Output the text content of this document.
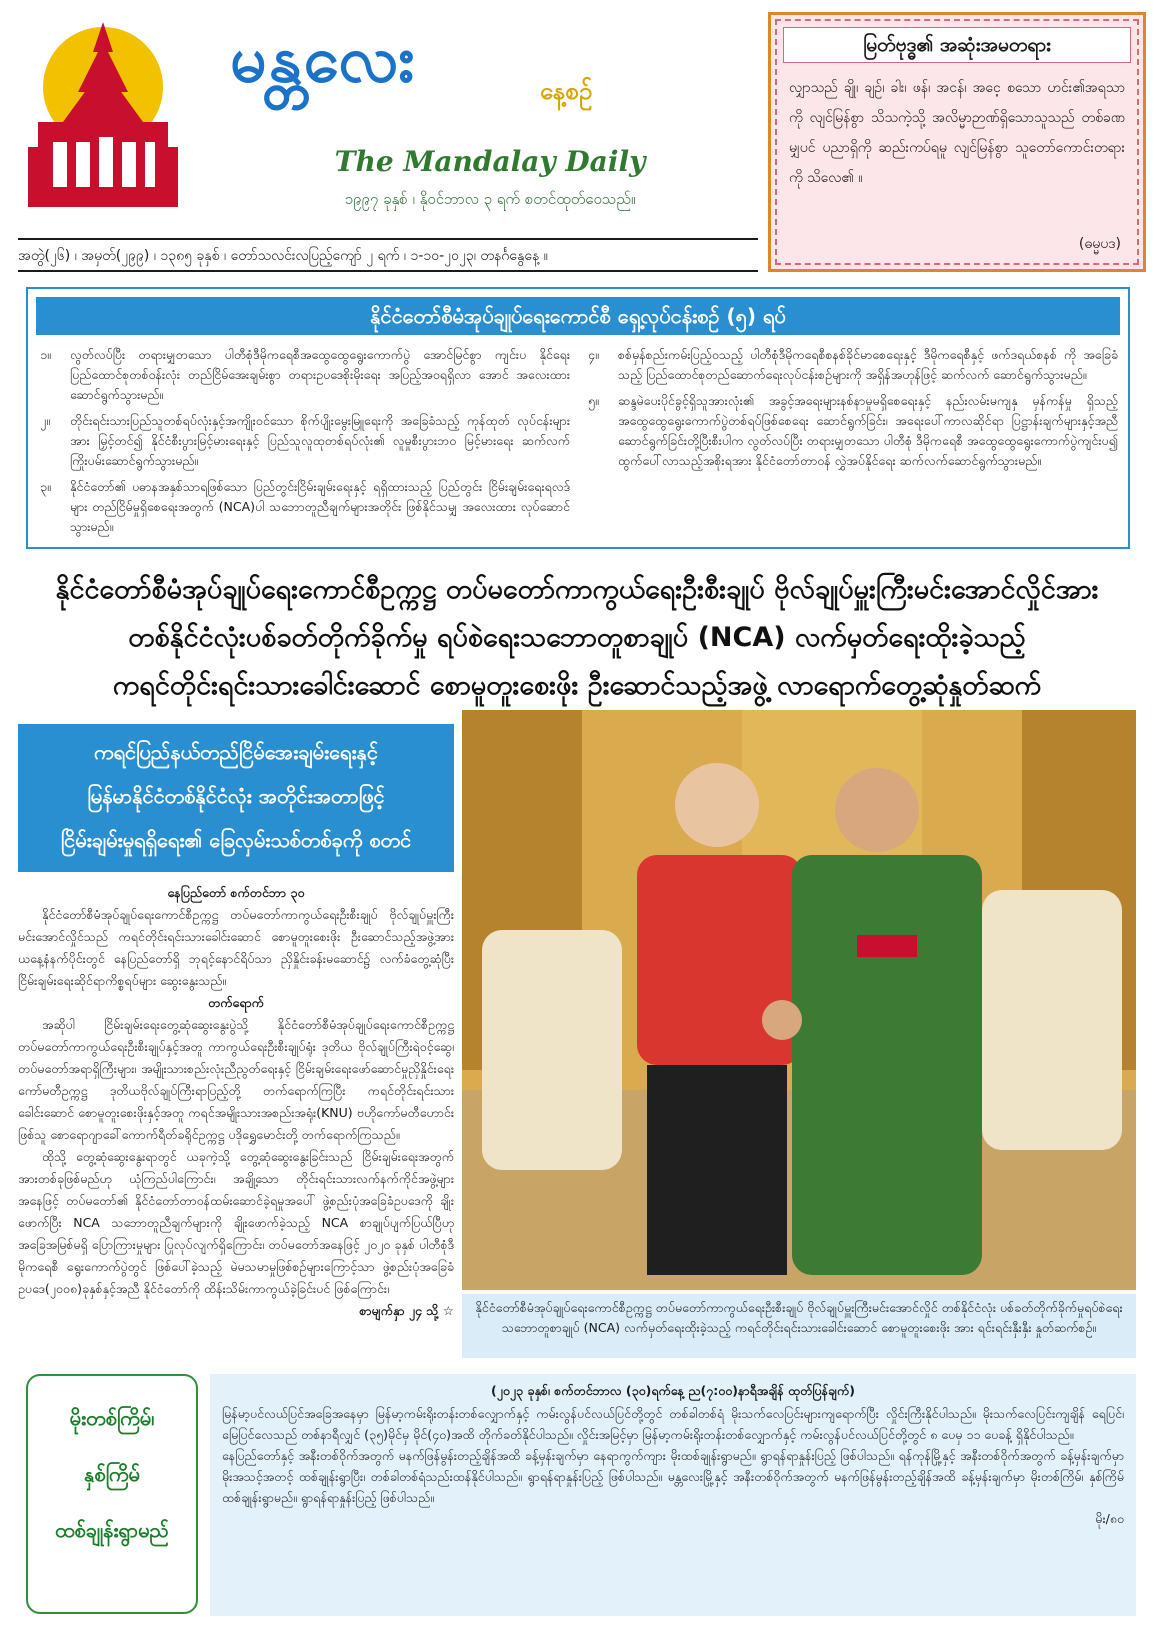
မန္တလေး	နေ့စဉ်
The Mandalay Daily
၁၉၉၇ ခုနှစ် ၊ နိုဝင်ဘာလ ၃ ရက် စတင်ထုတ်ဝေသည်။
အတွဲ(၂၆) ၊ အမှတ်(၂၉၉) ၊ ၁၃၈၅ ခုနှစ် ၊ တော်သလင်းလပြည့်ကျော် ၂ ရက် ၊ ၁-၁၀-၂၀၂၃၊ တနင်္ဂနွေနေ့ ။
မြတ်ဗုဒ္ဓ၏ အဆုံးအမတရား
လျှာသည် ချို၊ ချဉ်၊ ခါး၊ ဖန်၊ အငန်၊ အငေ့ စသော ဟင်း၏အရသာကို လျင်မြန်စွာ သိသကဲ့သို့ အလိမ္မာဉာဏ်ရှိသောသူသည် တစ်ခဏမျှပင် ပညာရှိကို ဆည်းကပ်ရမူ လျင်မြန်စွာ သူတော်ကောင်းတရားကို သိလေ၏ ။
(ဓမ္မပဒ)
နိုင်ငံတော်စီမံအုပ်ချုပ်ရေးကောင်စီ ရှေ့လုပ်ငန်းစဉ် (၅) ရပ်
၁။	လွတ်လပ်ပြီး တရားမျှတသော ပါတီစုံဒီမိုကရေစီအထွေထွေရွေးကောက်ပွဲ အောင်မြင်စွာ ကျင်းပ နိုင်ရေး ပြည်ထောင်စုတစ်ဝန်းလုံး တည်ငြိမ်အေးချမ်းစွာ တရားဥပဒေစိုးမိုးရေး အပြည့်အဝရရှိလာ အောင် အလေးထားဆောင်ရွက်သွားမည်။
၂။	တိုင်းရင်းသားပြည်သူတစ်ရပ်လုံးနှင့်အကျိုးဝင်သော စိုက်ပျိုးမွေးမြူရေးကို အခြေခံသည့် ကုန်ထုတ် လုပ်ငန်းများအား မြှင့်တင်၍ နိုင်ငံစီးပွားမြင့်မားရေးနှင့် ပြည်သူလူထုတစ်ရပ်လုံး၏ လူမှုစီးပွားဘဝ မြင့်မားရေး ဆက်လက်ကြိုးပမ်းဆောင်ရွက်သွားမည်။
၃။	နိုင်ငံတော်၏ ပဓာနအနှစ်သာရဖြစ်သော ပြည်တွင်းငြိမ်းချမ်းရေးနှင့် ရရှိထားသည့် ပြည်တွင်း ငြိမ်းချမ်းရေးရလဒ်များ တည်ငြိမ်မှုရှိစေရေးအတွက် (NCA)ပါ သဘောတူညီချက်များအတိုင်း ဖြစ်နိုင်သမျှ အလေးထား လုပ်ဆောင်သွားမည်။
၄။	စစ်မှန်စည်းကမ်းပြည့်ဝသည့် ပါတီစုံဒီမိုကရေစီစနစ်ခိုင်မာစေရေးနှင့် ဒီမိုကရေစီနှင့် ဖက်ဒရယ်စနစ် ကို အခြေခံသည့် ပြည်ထောင်စုတည်ဆောက်ရေးလုပ်ငန်းစဉ်များကို အရှိန်အဟုန်ဖြင့် ဆက်လက် ဆောင်ရွက်သွားမည်။
၅။	ဆန္ဒမဲပေးပိုင်ခွင့်ရှိသူအားလုံး၏ အခွင့်အရေးများနစ်နာမှုမရှိစေရေးနှင့် နည်းလမ်းမကျနှ မှန်ကန်မှု ရှိသည့် အထွေထွေရွေးကောက်ပွဲတစ်ရပ်ဖြစ်စေရေး ဆောင်ရွက်ခြင်း၊ အရေးပေါ်ကာလဆိုင်ရာ ပြဋ္ဌာန်းချက်များနှင့်အညီ ဆောင်ရွက်ခြင်းတို့ပြီးစီးပါက လွတ်လပ်ပြီး တရားမျှတသော ပါတီစုံ ဒီမိုကရေစီ အထွေထွေရွေးကောက်ပွဲကျင်းပ၍ ထွက်ပေါ်လာသည့်အစိုးရအား နိုင်ငံတော်တာဝန် လွှဲအပ်နိုင်ရေး ဆက်လက်ဆောင်ရွက်သွားမည်။
နိုင်ငံတော်စီမံအုပ်ချုပ်ရေးကောင်စီဥက္ကဋ္ဌ တပ်မတော်ကာကွယ်ရေးဦးစီးချုပ် ဗိုလ်ချုပ်မှူးကြီးမင်းအောင်လှိုင်အား
တစ်နိုင်ငံလုံးပစ်ခတ်တိုက်ခိုက်မှု ရပ်စဲရေးသဘောတူစာချုပ် (NCA) လက်မှတ်ရေးထိုးခဲ့သည့်
ကရင်တိုင်းရင်းသားခေါင်းဆောင် စောမူတူးစေးဖိုး ဦးဆောင်သည့်အဖွဲ့ လာရောက်တွေ့ဆုံနှုတ်ဆက်
ကရင်ပြည်နယ်တည်ငြိမ်အေးချမ်းရေးနှင့်
မြန်မာနိုင်ငံတစ်နိုင်ငံလုံး အတိုင်းအတာဖြင့်
ငြိမ်းချမ်းမှုရရှိရေး၏ ခြေလှမ်းသစ်တစ်ခုကို စတင်
နေပြည်တော် စက်တင်ဘာ ၃၀

နိုင်ငံတော်စီမံအုပ်ချုပ်ရေးကောင်စီဥက္ကဋ္ဌ တပ်မတော်ကာကွယ်ရေးဦးစီးချုပ် ဗိုလ်ချုပ်မှူးကြီးမင်းအောင်လှိုင်သည် ကရင်တိုင်းရင်းသားခေါင်းဆောင် စောမူတူးစေးဖိုး ဦးဆောင်သည့်အဖွဲ့အား ယနေ့နံနက်ပိုင်းတွင် နေပြည်တော်ရှိ ဘုရင့်နောင်ရိပ်သာ ညှိနှိုင်းခန်းမဆောင်၌ လက်ခံတွေ့ဆုံပြီး ငြိမ်းချမ်းရေးဆိုင်ရာကိစ္စရပ်များ ဆွေးနွေးသည်။

တက်ရောက်

အဆိုပါ ငြိမ်းချမ်းရေးတွေ့ဆုံဆွေးနွေးပွဲသို့ နိုင်ငံတော်စီမံအုပ်ချုပ်ရေးကောင်စီဥက္ကဋ္ဌ တပ်မတော်ကာကွယ်ရေးဦးစီးချုပ်နှင့်အတူ ကာကွယ်ရေးဦးစီးချုပ်ရုံး ဒုတိယ ဗိုလ်ချုပ်ကြီးရဲဝင့်ဆွေ၊ တပ်မတော်အရာရှိကြီးများ၊ အမျိုးသားစည်းလုံးညီညွတ်ရေးနှင့် ငြိမ်းချမ်းရေးဖော်ဆောင်မှုညှိနှိုင်းရေးကော်မတီဥက္ကဋ္ဌ ဒုတိယဗိုလ်ချုပ်ကြီးရာပြည့်တို့ တက်ရောက်ကြပြီး ကရင်တိုင်းရင်းသားခေါင်းဆောင် စောမူတူးစေးဖိုးနှင့်အတူ ကရင်အမျိုးသားအစည်းအရုံး(KNU) ဗဟိုကော်မတီဟောင်းဖြစ်သူ စောရောဂျာခေါ်ကောက်ရီတ်ခရိုင်ဥက္ကဋ္ဌ ပဒိုရွှေမောင်းတို့ တက်ရောက်ကြသည်။

ထိုသို့ တွေ့ဆုံဆွေးနွေးရာတွင် ယခုကဲ့သို့ တွေ့ဆုံဆွေးနွေးခြင်းသည် ငြိမ်းချမ်းရေးအတွက် အားတစ်ခုဖြစ်မည်ဟု ယုံကြည်ပါကြောင်း၊ အချို့သော တိုင်းရင်းသားလက်နက်ကိုင်အဖွဲ့များအနေဖြင့် တပ်မတော်၏ နိုင်ငံတော်တာဝန်ထမ်းဆောင်ခဲ့ရမှုအပေါ် ဖွဲ့စည်းပုံအခြေခံဥပဒေကို ချိုးဖောက်ပြီး NCA သဘောတူညီချက်များကို ချိုးဖောက်ခဲ့သည့် NCA စာချုပ်ပျက်ပြယ်ပြီဟု အခြေအမြစ်မရှိ ပြောကြားမှုများ ပြုလုပ်လျက်ရှိကြောင်း၊ တပ်မတော်အနေဖြင့် ၂၀၂၀ ခုနှစ် ပါတီစုံဒီမိုကရေစီ ရွေးကောက်ပွဲတွင် ဖြစ်ပေါ်ခဲ့သည့် မဲမသမာမှုဖြစ်စဉ်များကြောင့်သာ ဖွဲ့စည်းပုံအခြေခံဥပဒေ(၂၀၀၈)ခုနှစ်နှင့်အညီ နိုင်ငံတော်ကို ထိန်းသိမ်းကာကွယ်ခဲ့ခြင်းပင် ဖြစ်ကြောင်း၊

စာမျက်နှာ ၂၄ သို့ ☆	နိုင်ငံတော်စီမံအုပ်ချုပ်ရေးကောင်စီဥက္ကဋ္ဌ တပ်မတော်ကာကွယ်ရေးဦးစီးချုပ် ဗိုလ်ချုပ်မှူးကြီးမင်းအောင်လှိုင် တစ်နိုင်ငံလုံး ပစ်ခတ်တိုက်ခိုက်မှုရပ်စဲရေးသဘောတူစာချုပ် (NCA) လက်မှတ်ရေးထိုးခဲ့သည့် ကရင်တိုင်းရင်းသားခေါင်းဆောင် စောမူတူးစေးဖိုး အား ရင်းရင်းနှီးနှီး နှုတ်ဆက်စဉ်။
မိုးတစ်ကြိမ်၊
နှစ်ကြိမ်
ထစ်ချုန်းရွာမည်
(၂၀၂၃ ခုနှစ်၊ စက်တင်ဘာလ (၃၀)ရက်နေ့ ည(၇:၀၀)နာရီအချိန် ထုတ်ပြန်ချက်)

မြန်မာ့ပင်လယ်ပြင်အခြေအနေမှာ မြန်မာ့ကမ်းရိုးတန်းတစ်လျှောက်နှင့် ကမ်းလွန်ပင်လယ်ပြင်တို့တွင် တစ်ခါတစ်ရံ မိုးသက်လေပြင်းများကျရောက်ပြီး လှိုင်းကြီးနိုင်ပါသည်။ မိုးသက်လေပြင်းကျချိန် ရေပြင်၊ မြေပြင်လေသည် တစ်နာရီလျှင် (၃၅)မိုင်မှ မိုင်(၄၀)အထိ တိုက်ခတ်နိုင်ပါသည်။ လှိုင်းအမြင့်မှာ မြန်မာ့ကမ်းရိုးတန်းတစ်လျှောက်နှင့် ကမ်းလွန်ပင်လယ်ပြင်တို့တွင် ၈ ပေမှ ၁၁ ပေခန့် ရှိနိုင်ပါသည်။

နေပြည်တော်နှင့် အနီးတစ်ဝိုက်အတွက် မနက်ဖြန်မွန်းတည့်ချိန်အထိ ခန့်မှန်းချက်မှာ နေရာကွက်ကျား မိုးထစ်ချုန်းရွာမည်။ ရွာရန်ရာနှုန်းပြည့် ဖြစ်ပါသည်။ ရန်ကုန်မြို့နှင့် အနီးတစ်ဝိုက်အတွက် ခန့်မှန်းချက်မှာ မိုးအသင့်အတင့် ထစ်ချုန်းရွာပြီး၊ တစ်ခါတစ်ရံသည်းထန်နိုင်ပါသည်။ ရွာရန်ရာနှုန်းပြည့် ဖြစ်ပါသည်။ မန္တလေးမြို့နှင့် အနီးတစ်ဝိုက်အတွက် မနက်ဖြန်မွန်းတည့်ချိန်အထိ ခန့်မှန်းချက်မှာ မိုးတစ်ကြိမ်၊ နှစ်ကြိမ် ထစ်ချုန်းရွာမည်။ ရွာရန်ရာနှုန်းပြည့် ဖြစ်ပါသည်။

မိုး/၈၀
